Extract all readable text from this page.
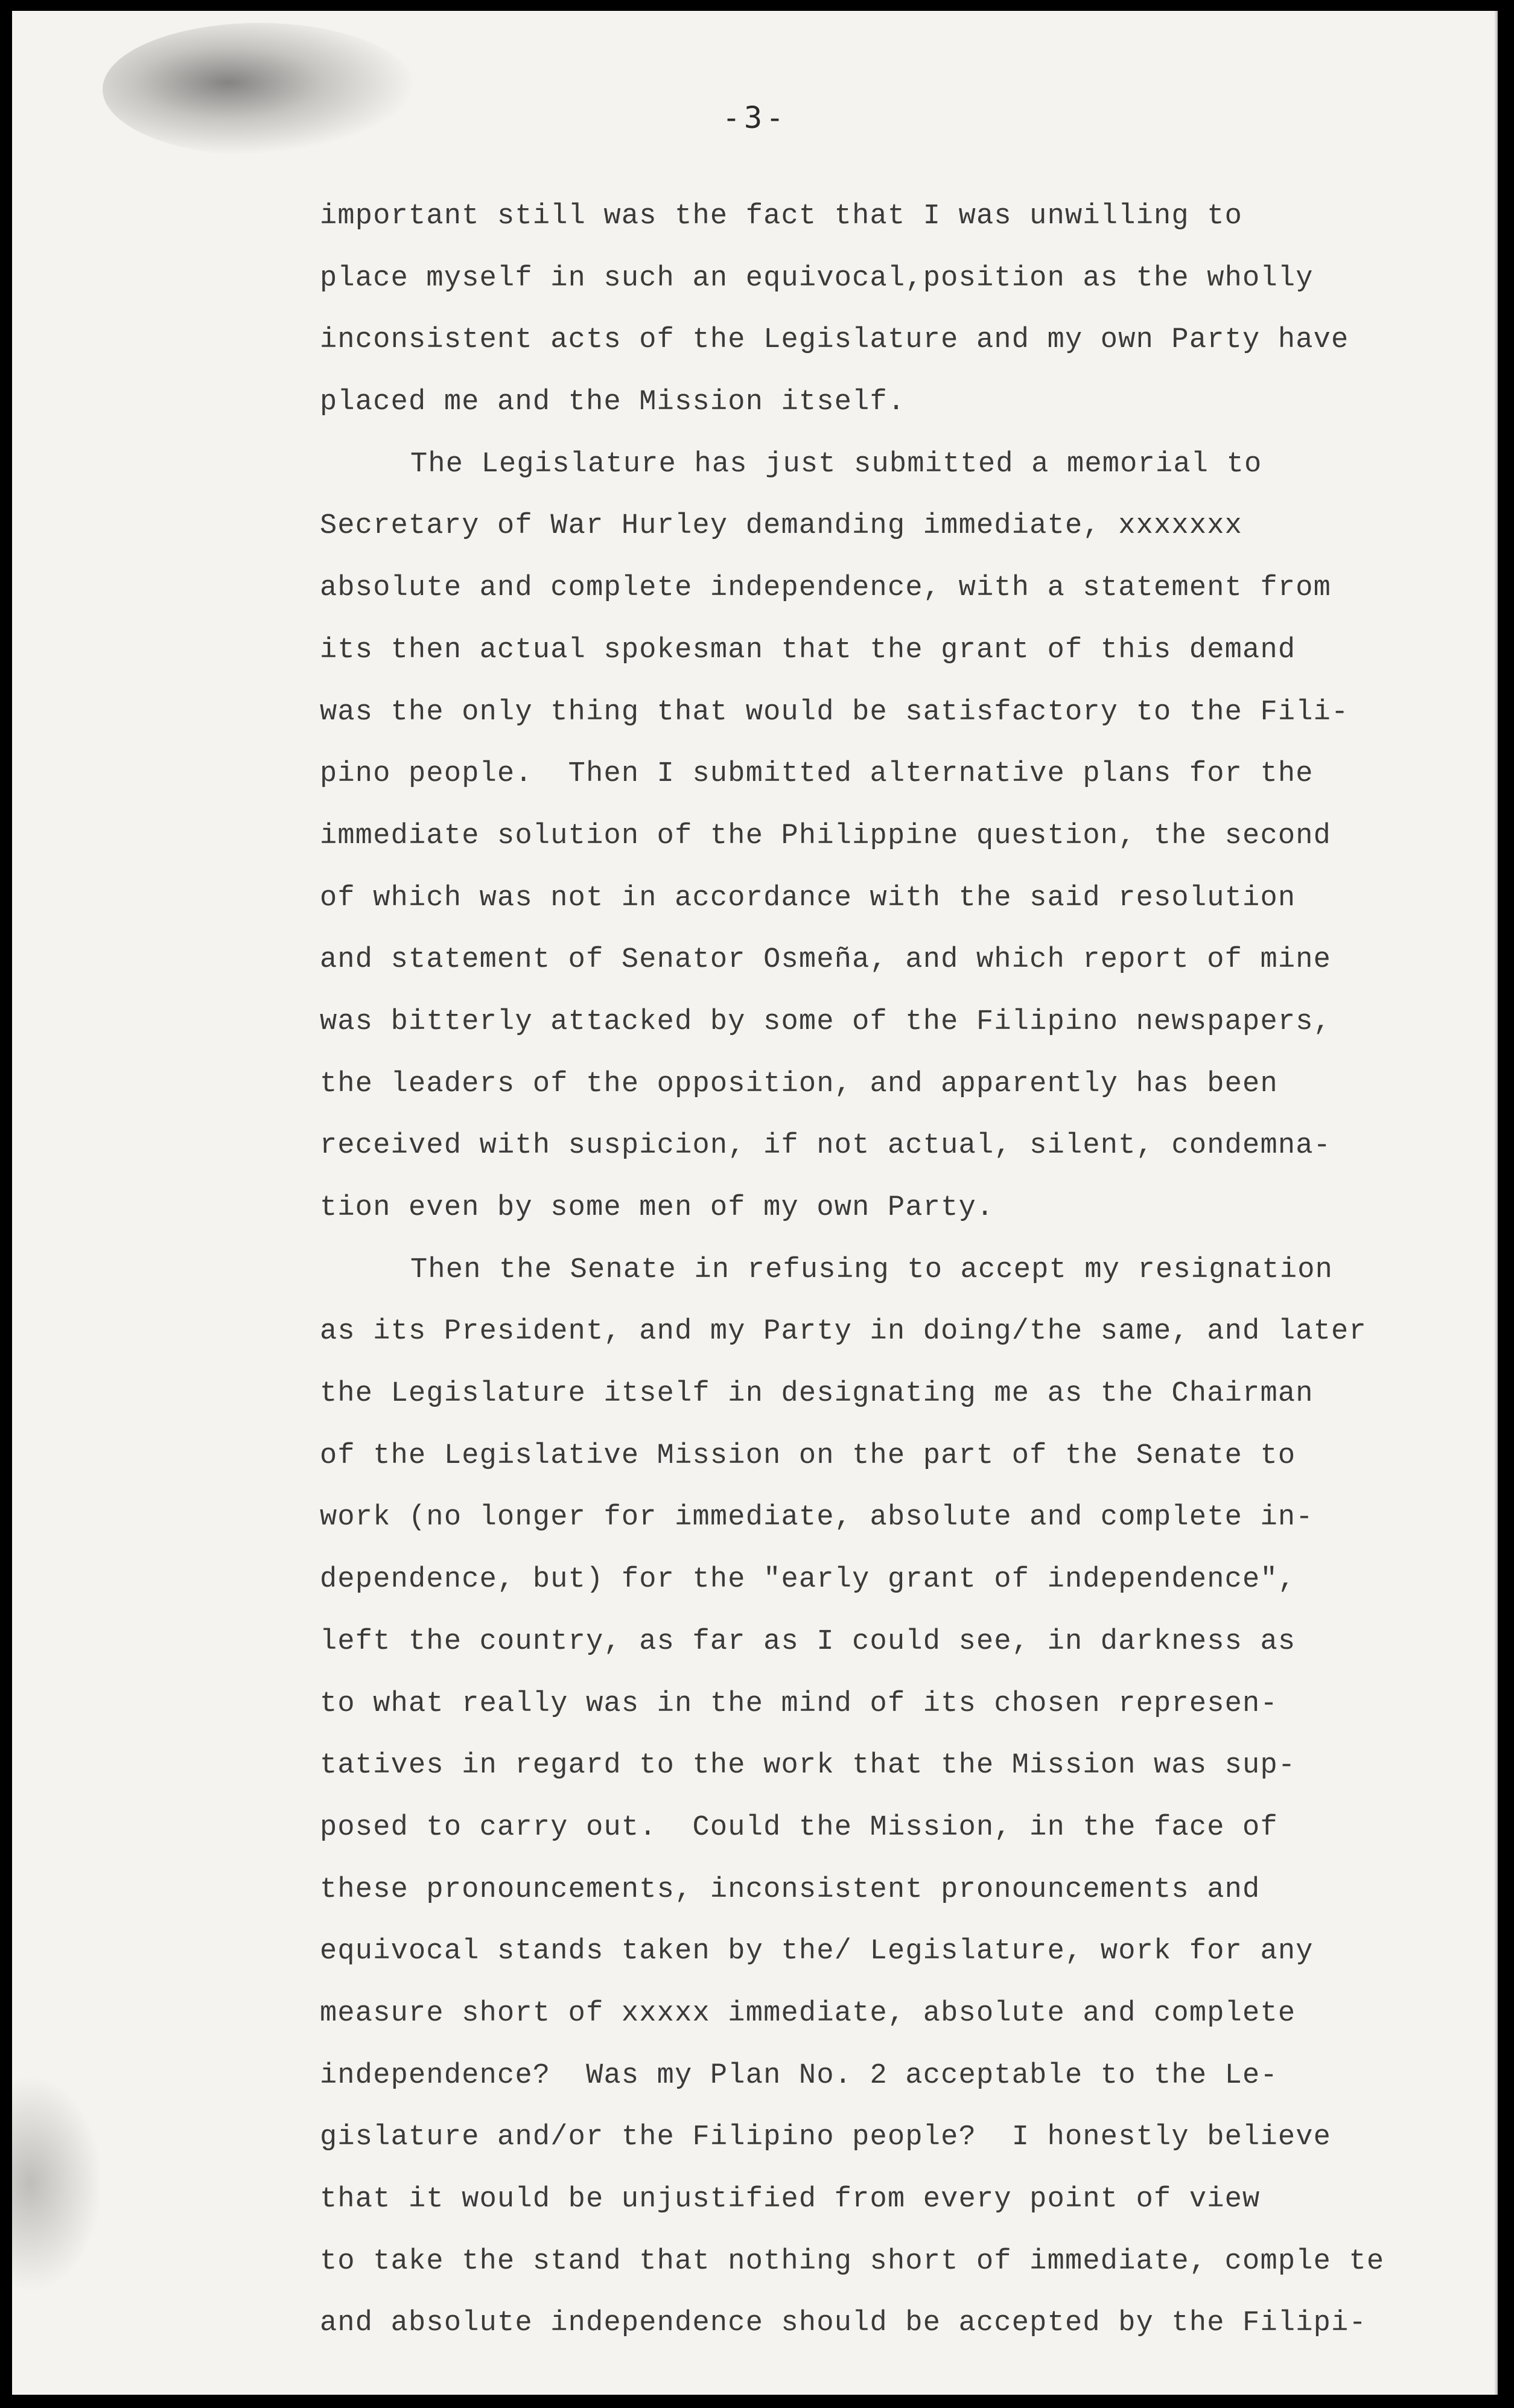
-3-
important still was the fact that I was unwilling to
place myself in such an equivocal,position as the wholly
inconsistent acts of the Legislature and my own Party have
placed me and the Mission itself.
The Legislature has just submitted a memorial to
Secretary of War Hurley demanding immediate, xxxxxxx
absolute and complete independence, with a statement from
its then actual spokesman that the grant of this demand
was the only thing that would be satisfactory to the Fili-
pino people.  Then I submitted alternative plans for the
immediate solution of the Philippine question, the second
of which was not in accordance with the said resolution
and statement of Senator Osmeña, and which report of mine
was bitterly attacked by some of the Filipino newspapers,
the leaders of the opposition, and apparently has been
received with suspicion, if not actual, silent, condemna-
tion even by some men of my own Party.
Then the Senate in refusing to accept my resignation
as its President, and my Party in doing/the same, and later
the Legislature itself in designating me as the Chairman
of the Legislative Mission on the part of the Senate to
work (no longer for immediate, absolute and complete in-
dependence, but) for the "early grant of independence",
left the country, as far as I could see, in darkness as
to what really was in the mind of its chosen represen-
tatives in regard to the work that the Mission was sup-
posed to carry out.  Could the Mission, in the face of
these pronouncements, inconsistent pronouncements and
equivocal stands taken by the/ Legislature, work for any
measure short of xxxxx immediate, absolute and complete
independence?  Was my Plan No. 2 acceptable to the Le-
gislature and/or the Filipino people?  I honestly believe
that it would be unjustified from every point of view
to take the stand that nothing short of immediate, comple te
and absolute independence should be accepted by the Filipi-
